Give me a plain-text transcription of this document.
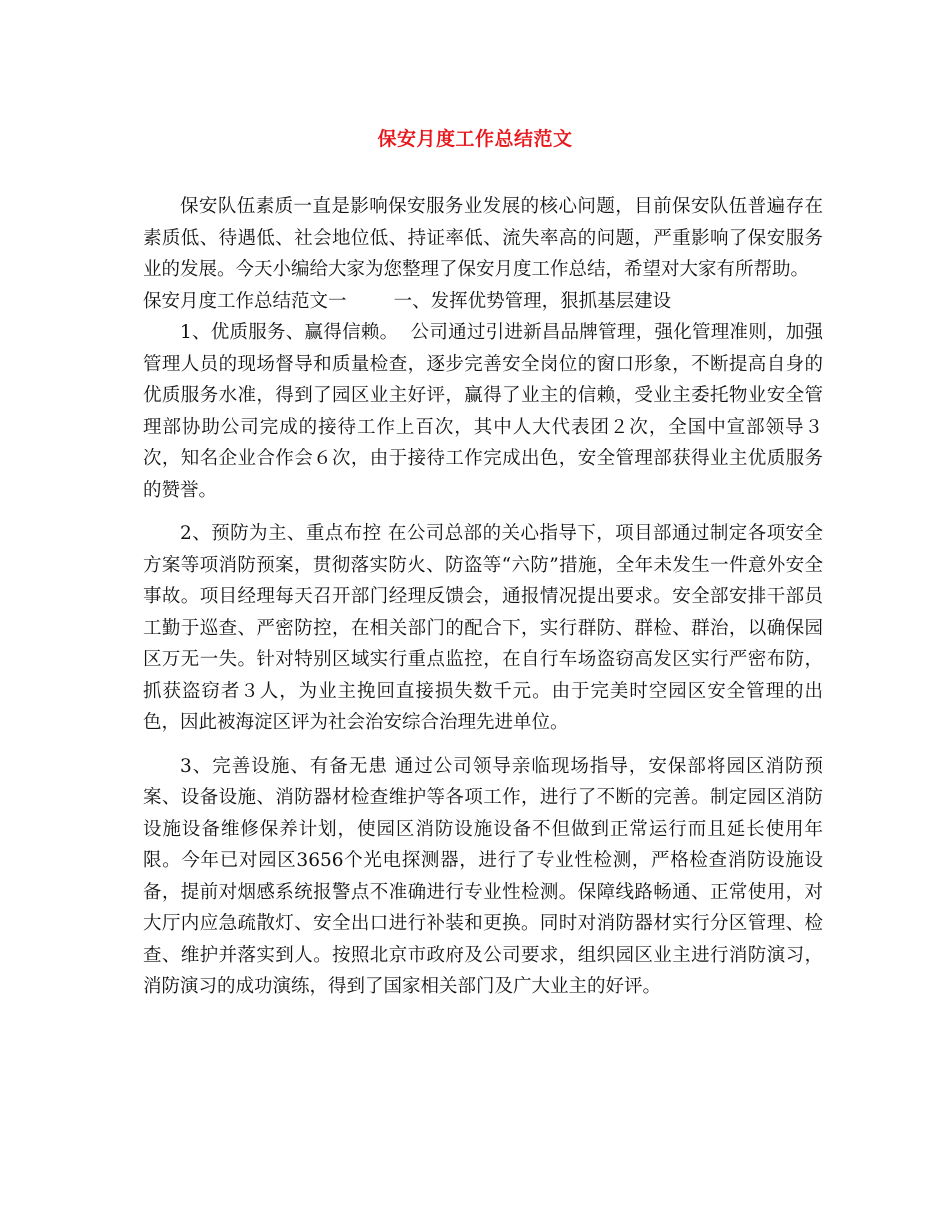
保安月度工作总结范文

保安队伍素质一直是影响保安服务业发展的核心问题，目前保安队伍普遍存在素质低、待遇低、社会地位低、持证率低、流失率高的问题，严重影响了保安服务业的发展。今天小编给大家为您整理了保安月度工作总结，希望对大家有所帮助。

保安月度工作总结范文一	一、发挥优势管理，狠抓基层建设

1、优质服务、赢得信赖。 公司通过引进新昌品牌管理，强化管理准则，加强管理人员的现场督导和质量检查，逐步完善安全岗位的窗口形象，不断提高自身的优质服务水准，得到了园区业主好评，赢得了业主的信赖，受业主委托物业安全管理部协助公司完成的接待工作上百次，其中人大代表团２次，全国中宣部领导３次，知名企业合作会６次，由于接待工作完成出色，安全管理部获得业主优质服务的赞誉。

2、预防为主、重点布控 在公司总部的关心指导下，项目部通过制定各项安全方案等项消防预案，贯彻落实防火、防盗等“六防”措施，全年未发生一件意外安全事故。项目经理每天召开部门经理反馈会，通报情况提出要求。安全部安排干部员工勤于巡查、严密防控，在相关部门的配合下，实行群防、群检、群治，以确保园区万无一失。针对特别区域实行重点监控，在自行车场盗窃高发区实行严密布防，抓获盗窃者３人，为业主挽回直接损失数千元。由于完美时空园区安全管理的出色，因此被海淀区评为社会治安综合治理先进单位。

3、完善设施、有备无患 通过公司领导亲临现场指导，安保部将园区消防预案、设备设施、消防器材检查维护等各项工作，进行了不断的完善。制定园区消防设施设备维修保养计划，使园区消防设施设备不但做到正常运行而且延长使用年限。今年已对园区3656个光电探测器，进行了专业性检测，严格检查消防设施设备，提前对烟感系统报警点不准确进行专业性检测。保障线路畅通、正常使用，对大厅内应急疏散灯、安全出口进行补装和更换。同时对消防器材实行分区管理、检查、维护并落实到人。按照北京市政府及公司要求，组织园区业主进行消防演习，消防演习的成功演练，得到了国家相关部门及广大业主的好评。
